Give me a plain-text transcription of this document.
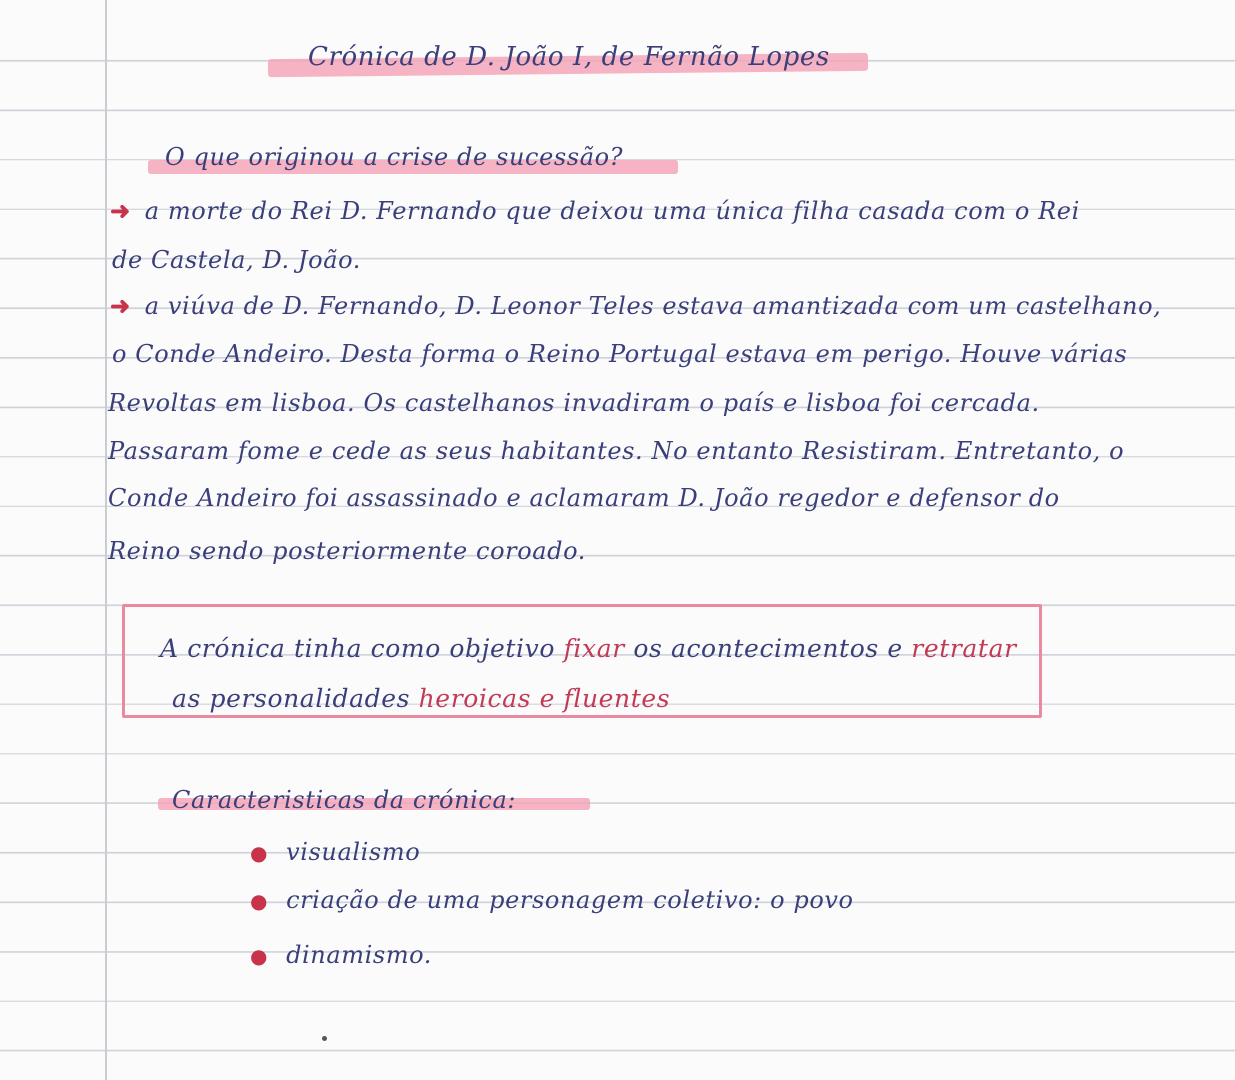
Crónica de D. João I, de Fernão Lopes
O que originou a crise de sucessão?
➜ a morte do Rei D. Fernando que deixou uma única filha casada com o Rei
de Castela, D. João.
➜ a viúva de D. Fernando, D. Leonor Teles estava amantizada com um castelhano,
o Conde Andeiro. Desta forma o Reino Portugal estava em perigo. Houve várias
Revoltas em lisboa. Os castelhanos invadiram o país e lisboa foi cercada.
Passaram fome e cede as seus habitantes. No entanto Resistiram. Entretanto, o
Conde Andeiro foi assassinado e aclamaram D. João regedor e defensor do
Reino sendo posteriormente coroado.
A crónica tinha como objetivo fixar os acontecimentos e retratar
as personalidades heroicas e fluentes
Caracteristicas da crónica:
● visualismo
● criação de uma personagem coletivo: o povo
● dinamismo.
